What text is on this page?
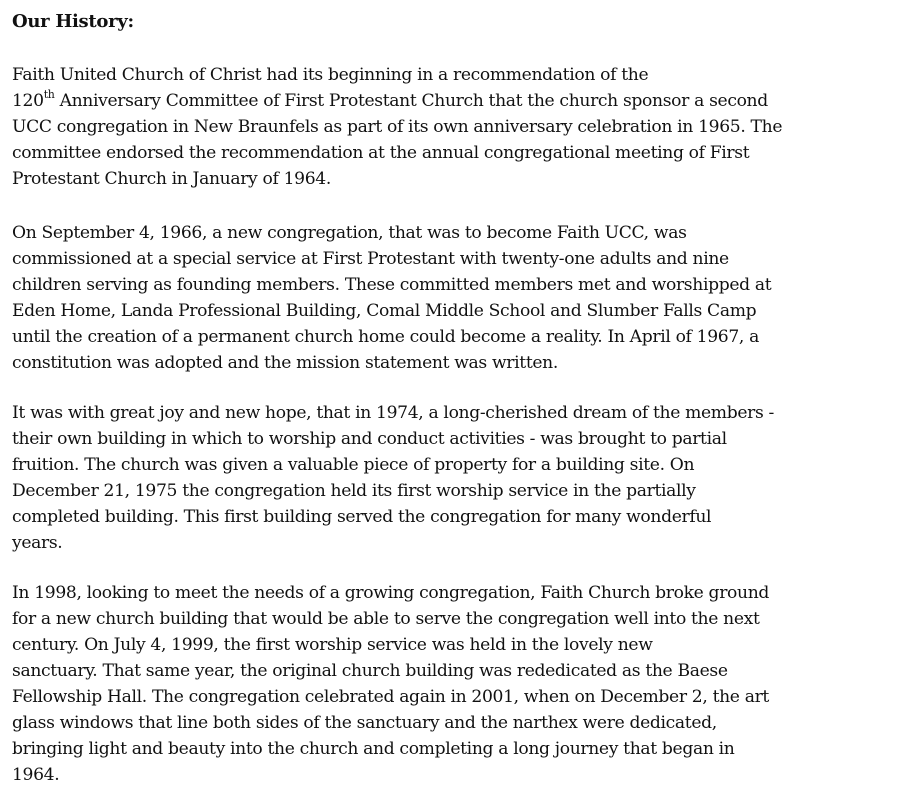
Our History:
Faith United Church of Christ had its beginning in a recommendation of the
120th Anniversary Committee of First Protestant Church that the church sponsor a second
UCC congregation in New Braunfels as part of its own anniversary celebration in 1965. The
committee endorsed the recommendation at the annual congregational meeting of First
Protestant Church in January of 1964.
On September 4, 1966, a new congregation, that was to become Faith UCC, was
commissioned at a special service at First Protestant with twenty-one adults and nine
children serving as founding members. These committed members met and worshipped at
Eden Home, Landa Professional Building, Comal Middle School and Slumber Falls Camp
until the creation of a permanent church home could become a reality. In April of 1967, a
constitution was adopted and the mission statement was written.
It was with great joy and new hope, that in 1974, a long-cherished dream of the members -
their own building in which to worship and conduct activities - was brought to partial
fruition. The church was given a valuable piece of property for a building site. On
December 21, 1975 the congregation held its first worship service in the partially
completed building. This first building served the congregation for many wonderful
years.
In 1998, looking to meet the needs of a growing congregation, Faith Church broke ground
for a new church building that would be able to serve the congregation well into the next
century. On July 4, 1999, the first worship service was held in the lovely new
sanctuary. That same year, the original church building was rededicated as the Baese
Fellowship Hall. The congregation celebrated again in 2001, when on December 2, the art
glass windows that line both sides of the sanctuary and the narthex were dedicated,
bringing light and beauty into the church and completing a long journey that began in
1964.
